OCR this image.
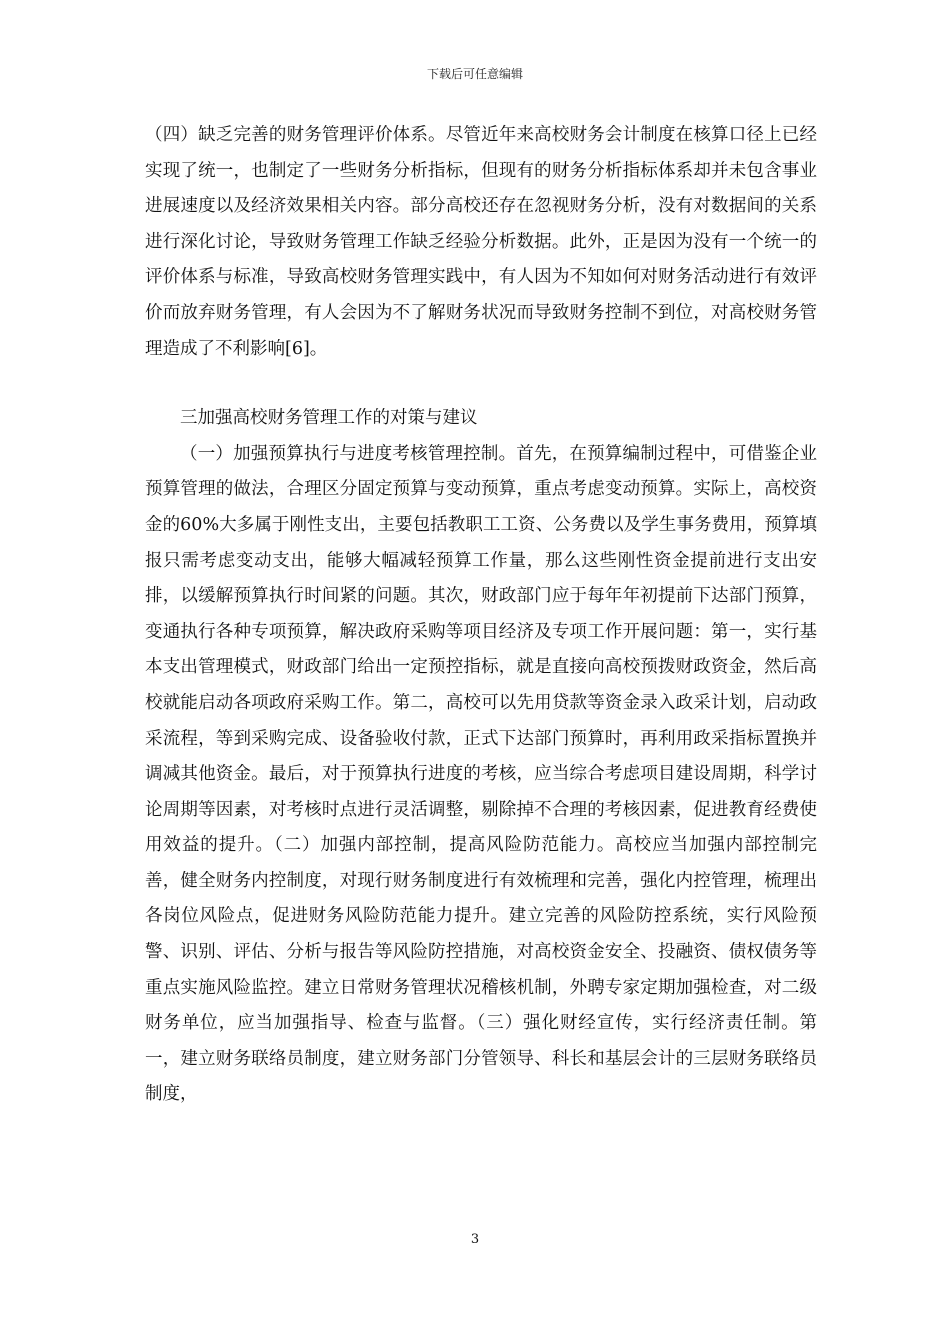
下载后可任意编辑

（四）缺乏完善的财务管理评价体系。尽管近年来高校财务会计制度在核算口径上已经实现了统一，也制定了一些财务分析指标，但现有的财务分析指标体系却并未包含事业进展速度以及经济效果相关内容。部分高校还存在忽视财务分析，没有对数据间的关系进行深化讨论，导致财务管理工作缺乏经验分析数据。此外，正是因为没有一个统一的评价体系与标准，导致高校财务管理实践中，有人因为不知如何对财务活动进行有效评价而放弃财务管理，有人会因为不了解财务状况而导致财务控制不到位，对高校财务管理造成了不利影响[6]。

三加强高校财务管理工作的对策与建议

（一）加强预算执行与进度考核管理控制。首先，在预算编制过程中，可借鉴企业预算管理的做法，合理区分固定预算与变动预算，重点考虑变动预算。实际上，高校资金的60%大多属于刚性支出，主要包括教职工工资、公务费以及学生事务费用，预算填报只需考虑变动支出，能够大幅减轻预算工作量，那么这些刚性资金提前进行支出安排，以缓解预算执行时间紧的问题。其次，财政部门应于每年年初提前下达部门预算，变通执行各种专项预算，解决政府采购等项目经济及专项工作开展问题：第一，实行基本支出管理模式，财政部门给出一定预控指标，就是直接向高校预拨财政资金，然后高校就能启动各项政府采购工作。第二，高校可以先用贷款等资金录入政采计划，启动政采流程，等到采购完成、设备验收付款，正式下达部门预算时，再利用政采指标置换并调减其他资金。最后，对于预算执行进度的考核，应当综合考虑项目建设周期，科学讨论周期等因素，对考核时点进行灵活调整，剔除掉不合理的考核因素，促进教育经费使用效益的提升。（二）加强内部控制，提高风险防范能力。高校应当加强内部控制完善，健全财务内控制度，对现行财务制度进行有效梳理和完善，强化内控管理，梳理出各岗位风险点，促进财务风险防范能力提升。建立完善的风险防控系统，实行风险预警、识别、评估、分析与报告等风险防控措施，对高校资金安全、投融资、债权债务等重点实施风险监控。建立日常财务管理状况稽核机制，外聘专家定期加强检查，对二级财务单位，应当加强指导、检查与监督。（三）强化财经宣传，实行经济责任制。第一，建立财务联络员制度，建立财务部门分管领导、科长和基层会计的三层财务联络员制度，

3
